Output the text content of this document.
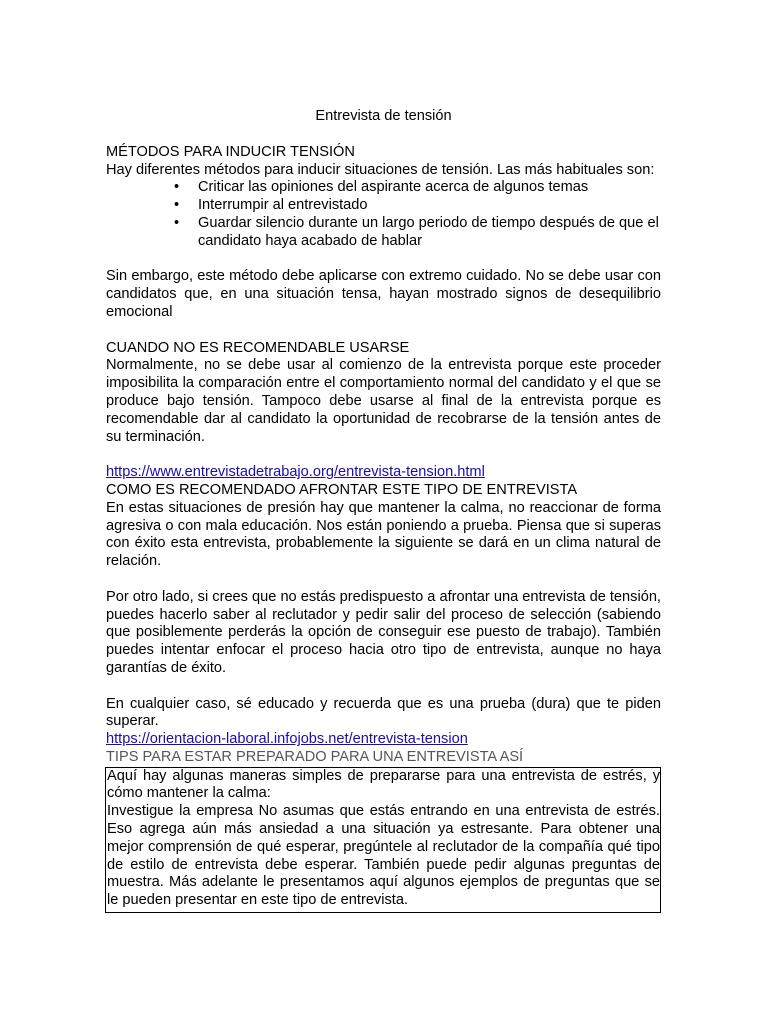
Entrevista de tensión
MÉTODOS PARA INDUCIR TENSIÓN

Hay diferentes métodos para inducir situaciones de tensión. Las más habituales son:

• Criticar las opiniones del aspirante acerca de algunos temas
• Interrumpir al entrevistado
• Guardar silencio durante un largo periodo de tiempo después de que el candidato haya acabado de hablar

Sin embargo, este método debe aplicarse con extremo cuidado. No se debe usar con candidatos que, en una situación tensa, hayan mostrado signos de desequilibrio emocional

CUANDO NO ES RECOMENDABLE USARSE

Normalmente, no se debe usar al comienzo de la entrevista porque este proceder imposibilita la comparación entre el comportamiento normal del candidato y el que se produce bajo tensión. Tampoco debe usarse al final de la entrevista porque es recomendable dar al candidato la oportunidad de recobrarse de la tensión antes de su terminación.

https://www.entrevistadetrabajo.org/entrevista-tension.html
COMO ES RECOMENDADO AFRONTAR ESTE TIPO DE ENTREVISTA

En estas situaciones de presión hay que mantener la calma, no reaccionar de forma agresiva o con mala educación. Nos están poniendo a prueba. Piensa que si superas con éxito esta entrevista, probablemente la siguiente se dará en un clima natural de relación.

Por otro lado, si crees que no estás predispuesto a afrontar una entrevista de tensión, puedes hacerlo saber al reclutador y pedir salir del proceso de selección (sabiendo que posiblemente perderás la opción de conseguir ese puesto de trabajo). También puedes intentar enfocar el proceso hacia otro tipo de entrevista, aunque no haya garantías de éxito.

En cualquier caso, sé educado y recuerda que es una prueba (dura) que te piden superar.

https://orientacion-laboral.infojobs.net/entrevista-tension
TIPS PARA ESTAR PREPARADO PARA UNA ENTREVISTA ASÍ

Aquí hay algunas maneras simples de prepararse para una entrevista de estrés, y cómo mantener la calma:

Investigue la empresa No asumas que estás entrando en una entrevista de estrés. Eso agrega aún más ansiedad a una situación ya estresante. Para obtener una mejor comprensión de qué esperar, pregúntele al reclutador de la compañía qué tipo de estilo de entrevista debe esperar. También puede pedir algunas preguntas de muestra. Más adelante le presentamos aquí algunos ejemplos de preguntas que se le pueden presentar en este tipo de entrevista.
